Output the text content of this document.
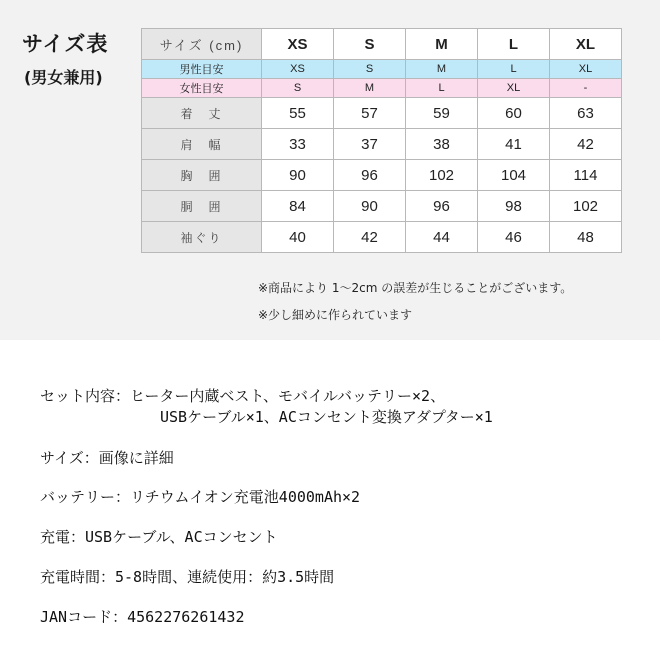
サイズ表
(男女兼用)
サイズ (cm)	XS	S	M	L	XL
男性目安	XS	S	M	L	XL
女性目安	S	M	L	XL	-
着　丈	55	57	59	60	63
肩　幅	33	37	38	41	42
胸　囲	90	96	102	104	114
胴　囲	84	90	96	98	102
袖ぐり	40	42	44	46	48
※商品により 1～2cm の誤差が生じることがございます。
※少し細めに作られています
セット内容：ヒーター内蔵ベスト、モバイルバッテリー×2、
USBケーブル×1、ACコンセント変換アダプター×1
サイズ：画像に詳細
バッテリー：リチウムイオン充電池4000mAh×2
充電：USBケーブル、ACコンセント
充電時間：5-8時間、連続使用：約3.5時間
JANコード：4562276261432
